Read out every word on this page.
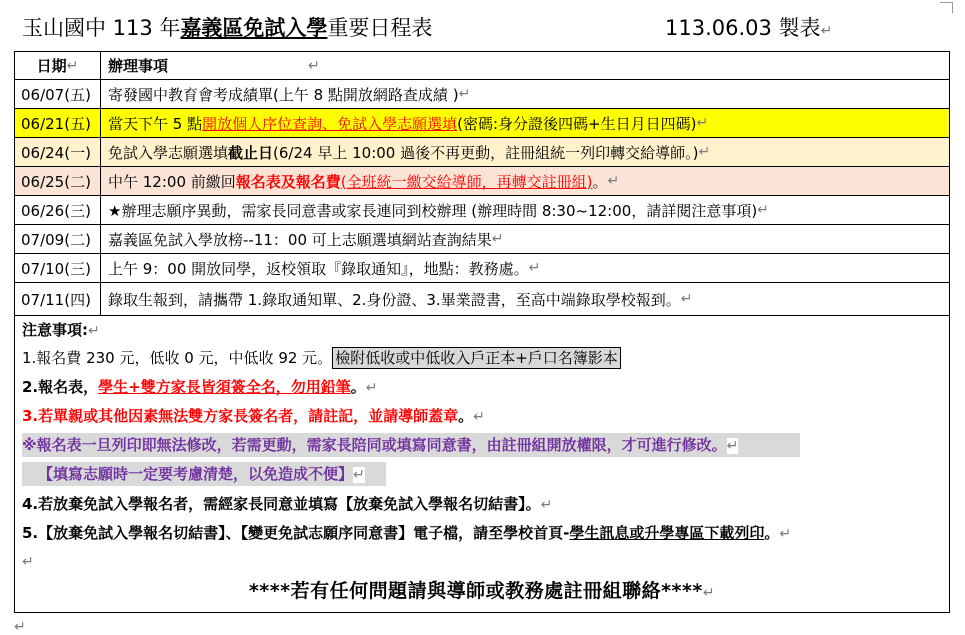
玉山國中 113 年嘉義區免試入學重要日程表	113.06.03 製表↵
日期 ↵ 辦理事項	↵
06/07(五)	寄發國中教育會考成績單(上午 8 點開放網路查成績 ) ↵
06/21(五)	當天下午 5 點 開放個人序位查詢、免試入學志願選填 (密碼:身分證後四碼+生日月日四碼) ↵
06/24(一)	免試入學志願選填 截止日 (6/24 早上 10:00 過後不再更動，註冊組統一列印轉交給導師。) ↵
06/25(二)	中午 12:00 前繳回 報名表及報名費 (全班統一繳交給導師，再轉交註冊組) 。 ↵
06/26(三)	★辦理志願序異動，需家長同意書或家長連同到校辦理 (辦理時間 8:30~12:00，請詳閱注意事項) ↵
07/09(二)	嘉義區免試入學放榜--11：00 可上志願選填網站查詢結果 ↵
07/10(三)	上午 9：00 開放同學，返校領取『錄取通知』，地點：教務處。 ↵
07/11(四)	錄取生報到，請攜帶 1.錄取通知單、2.身份證、3.畢業證書，至高中端錄取學校報到。 ↵
注意事項:↵
1.報名費 230 元，低收 0 元，中低收 92 元。 檢附低收或中低收入戶正本+戶口名簿影本
2.報名表，學生+雙方家長皆須簽全名，勿用鉛筆。↵
3.若單親或其他因素無法雙方家長簽名者，請註記，並請導師蓋章。↵
※報名表一旦列印即無法修改，若需更動，需家長陪同或填寫同意書，由註冊組開放權限，才可進行修改。↵
【填寫志願時一定要考慮清楚，以免造成不便】↵
4.若放棄免試入學報名者，需經家長同意並填寫【放棄免試入學報名切結書】。↵
5.【放棄免試入學報名切結書】、【變更免試志願序同意書】電子檔，請至學校首頁-學生訊息或升學專區下載列印。↵
↵
****若有任何問題請與導師或教務處註冊組聯絡****↵
↵
